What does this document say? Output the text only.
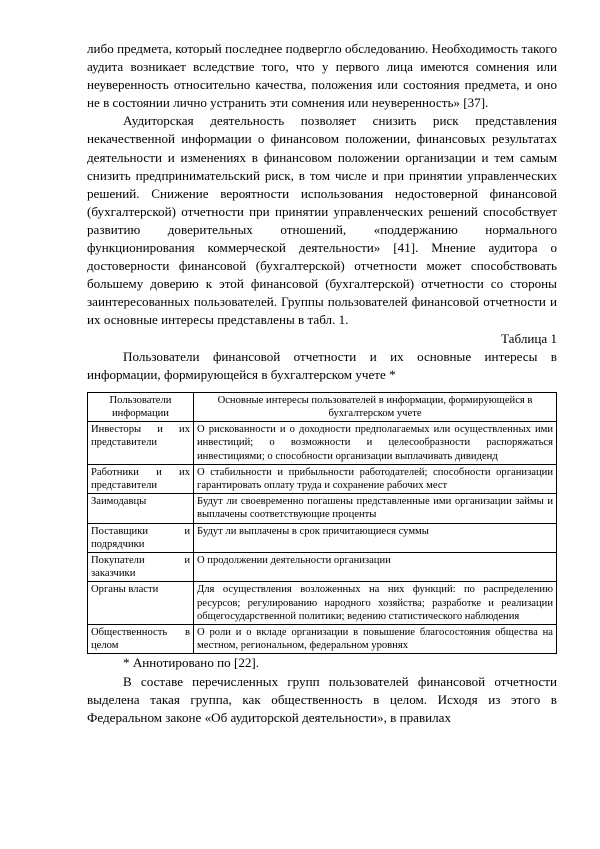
либо предмета, который последнее подвергло обследованию. Необходимость такого аудита возникает вследствие того, что у первого лица имеются сомнения или неуверенность относительно качества, положения или состояния предмета, и оно не в состоянии лично устранить эти сомнения или неуверенность» [37].

Аудиторская деятельность позволяет снизить риск представления некачественной информации о финансовом положении, финансовых результатах деятельности и изменениях в финансовом положении организации и тем самым снизить предпринимательский риск, в том числе и при принятии управленческих решений. Снижение вероятности использования недостоверной финансовой (бухгалтерской) отчетности при принятии управленческих решений способствует развитию доверительных отношений, «поддержанию нормального функционирования коммерческой деятельности» [41]. Мнение аудитора о достоверности финансовой (бухгалтерской) отчетности может способствовать большему доверию к этой финансовой (бухгалтерской) отчетности со стороны заинтересованных пользователей. Группы пользователей финансовой отчетности и их основные интересы представлены в табл. 1.

Таблица 1

Пользователи финансовой отчетности и их основные интересы в информации, формирующейся в бухгалтерском учете *

Пользователи информации	Основные интересы пользователей в информации, формирующейся в бухгалтерском учете
Инвесторы и их представители	О рискованности и о доходности предполагаемых или осуществленных ими инвестиций; о возможности и целесообразности распоряжаться инвестициями; о способности организации выплачивать дивиденд
Работники и их представители	О стабильности и прибыльности работодателей; способности организации гарантировать оплату труда и сохранение рабочих мест
Заимодавцы	Будут ли своевременно погашены представленные ими организации займы и выплачены соответствующие проценты
Поставщики и подрядчики	Будут ли выплачены в срок причитающиеся суммы
Покупатели и заказчики	О продолжении деятельности организации
Органы власти	Для осуществления возложенных на них функций: по распределению ресурсов; регулированию народного хозяйства; разработке и реализации общегосударственной политики; ведению статистического наблюдения
Общественность в целом	О роли и о вкладе организации в повышение благосостояния общества на местном, региональном, федеральном уровнях

* Аннотировано по [22].

В составе перечисленных групп пользователей финансовой отчетности выделена такая группа, как общественность в целом. Исходя из этого в Федеральном законе «Об аудиторской деятельности», в правилах
